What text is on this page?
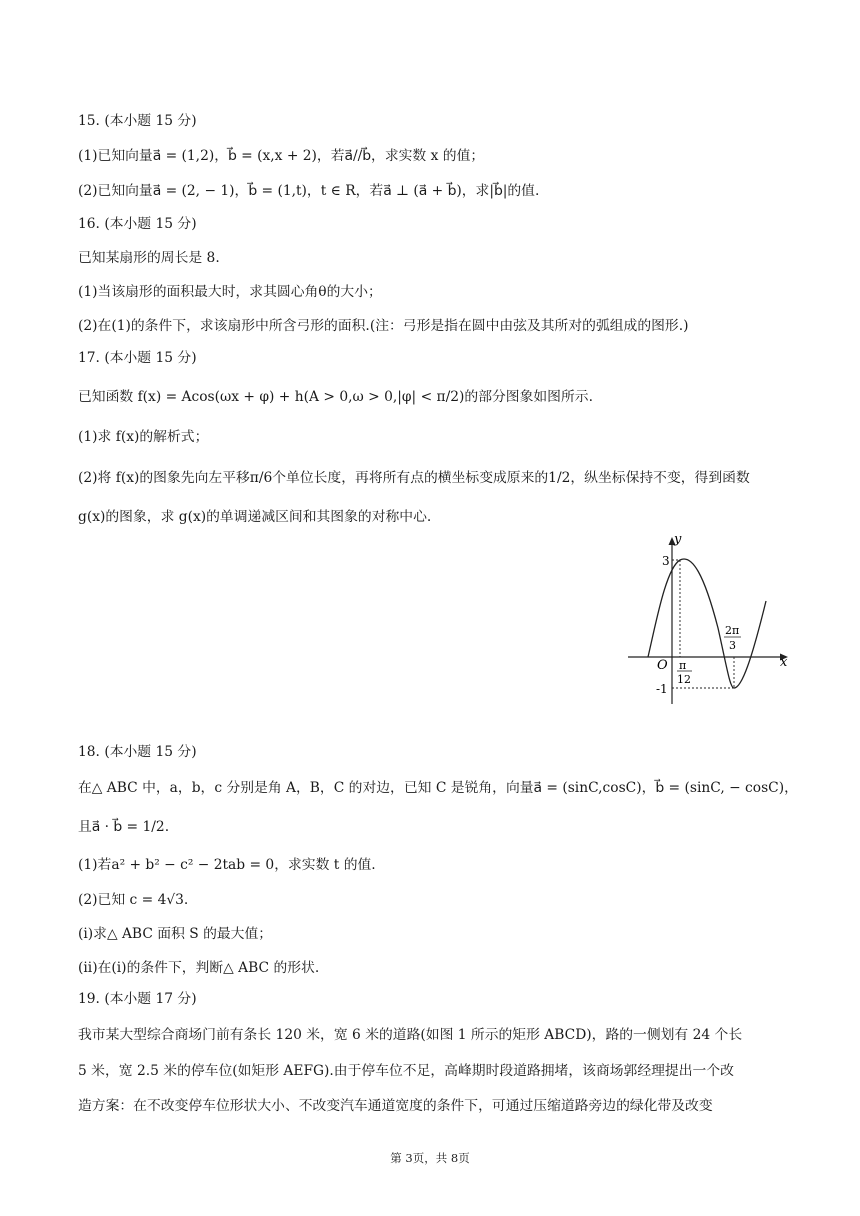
15. (本小题 15 分)
(1)已知向量a⃗ = (1,2)，b⃗ = (x,x + 2)，若a⃗//b⃗，求实数 x 的值；
(2)已知向量a⃗ = (2, − 1)，b⃗ = (1,t)，t ∈ R，若a⃗ ⊥ (a⃗ + b⃗)，求|b⃗|的值.
16. (本小题 15 分)
已知某扇形的周长是 8.
(1)当该扇形的面积最大时，求其圆心角θ的大小；
(2)在(1)的条件下，求该扇形中所含弓形的面积.(注：弓形是指在圆中由弦及其所对的弧组成的图形.)
17. (本小题 15 分)
已知函数 f(x) = Acos(ωx + φ) + h(A > 0,ω > 0,|φ| < π/2)的部分图象如图所示.
(1)求 f(x)的解析式；
(2)将 f(x)的图象先向左平移π/6个单位长度，再将所有点的横坐标变成原来的1/2，纵坐标保持不变，得到函数
g(x)的图象，求 g(x)的单调递减区间和其图象的对称中心.
y
x
O
3
-1
π
12
2π
3
18. (本小题 15 分)
在△ ABC 中，a，b，c 分别是角 A，B，C 的对边，已知 C 是锐角，向量a⃗ = (sinC,cosC)，b⃗ = (sinC, − cosC)，
且a⃗ · b⃗ = 1/2.
(1)若a² + b² − c² − 2tab = 0，求实数 t 的值.
(2)已知 c = 4√3.
(i)求△ ABC 面积 S 的最大值；
(ii)在(i)的条件下，判断△ ABC 的形状.
19. (本小题 17 分)
我市某大型综合商场门前有条长 120 米，宽 6 米的道路(如图 1 所示的矩形 ABCD)，路的一侧划有 24 个长
5 米，宽 2.5 米的停车位(如矩形 AEFG).由于停车位不足，高峰期时段道路拥堵，该商场郭经理提出一个改
造方案：在不改变停车位形状大小、不改变汽车通道宽度的条件下，可通过压缩道路旁边的绿化带及改变
第 3页，共 8页
